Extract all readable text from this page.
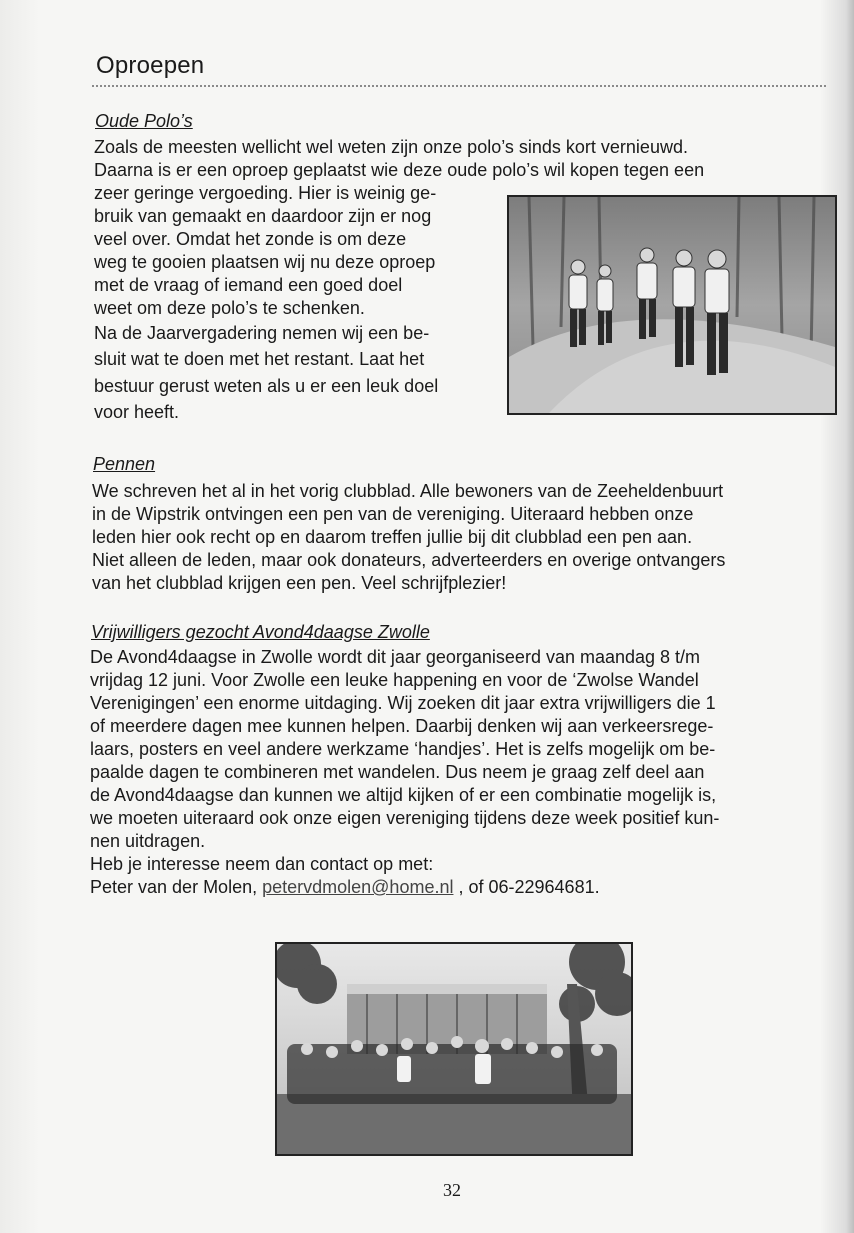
Oproepen
Oude Polo’s
Zoals de meesten wellicht wel weten zijn onze polo’s sinds kort vernieuwd.
Daarna is er een oproep geplaatst wie deze oude polo’s wil kopen tegen een
zeer geringe vergoeding. Hier is weinig ge-
bruik van gemaakt en daardoor zijn er nog
veel over. Omdat het zonde is om deze
weg te gooien plaatsen wij nu deze oproep
met de vraag of iemand een goed doel
weet om deze polo’s te schenken.
Na de Jaarvergadering nemen wij een be-
sluit wat te doen met het restant. Laat het
bestuur gerust weten als u er een leuk doel
voor heeft.
Pennen
We schreven het al in het vorig clubblad. Alle bewoners van de Zeeheldenbuurt
in de Wipstrik ontvingen een pen van de vereniging. Uiteraard hebben onze
leden hier ook recht op en daarom treffen jullie bij dit clubblad een pen aan.
Niet alleen de leden, maar ook donateurs, adverteerders en overige ontvangers
van het clubblad krijgen een pen. Veel schrijfplezier!
Vrijwilligers gezocht Avond4daagse Zwolle
De Avond4daagse in Zwolle wordt dit jaar georganiseerd van maandag 8 t/m
vrijdag 12 juni. Voor Zwolle een leuke happening en voor de ‘Zwolse Wandel
Verenigingen’ een enorme uitdaging. Wij zoeken dit jaar extra vrijwilligers die 1
of meerdere dagen mee kunnen helpen. Daarbij denken wij aan verkeersrege-
laars, posters en veel andere werkzame ‘handjes’. Het is zelfs mogelijk om be-
paalde dagen te combineren met wandelen. Dus neem je graag zelf deel aan
de Avond4daagse dan kunnen we altijd kijken of er een combinatie mogelijk is,
we moeten uiteraard ook onze eigen vereniging tijdens deze week positief kun-
nen uitdragen.
Heb je interesse neem dan contact op met:
Peter van der Molen, petervdmolen@home.nl , of 06-22964681.
32
